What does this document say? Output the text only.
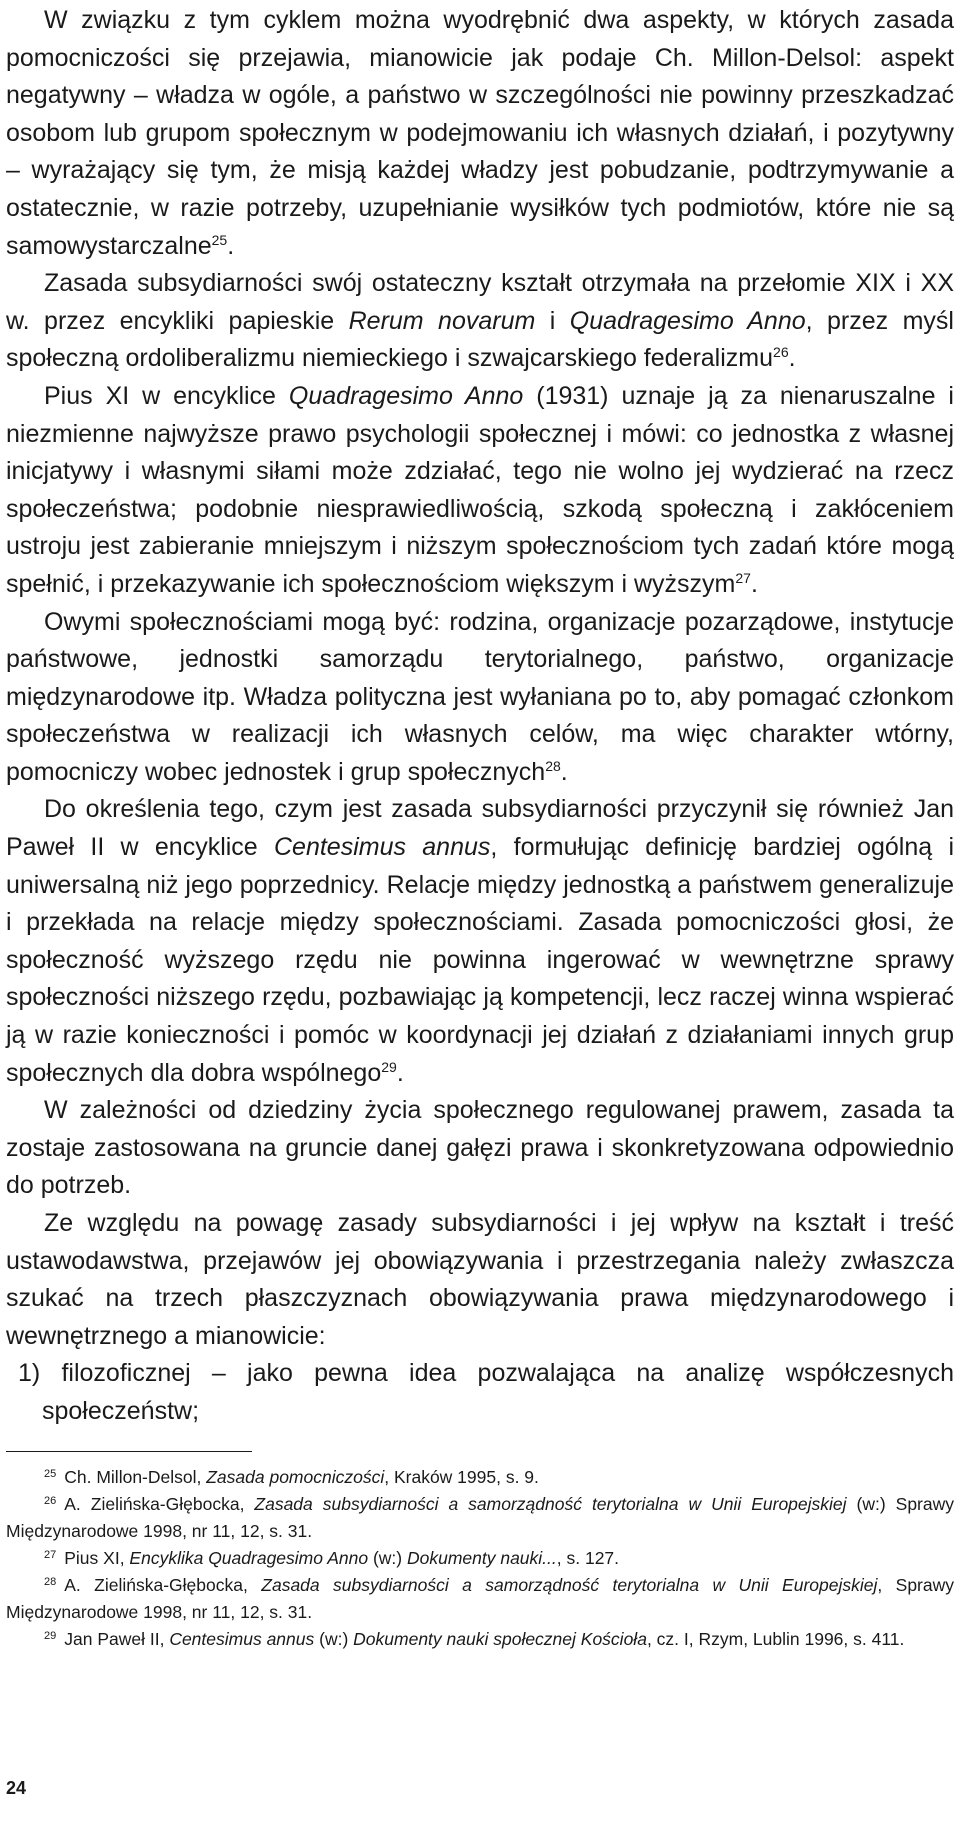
W związku z tym cyklem można wyodrębnić dwa aspekty, w których zasada pomocniczości się przejawia, mianowicie jak podaje Ch. Millon-Delsol: aspekt negatywny – władza w ogóle, a państwo w szczególności nie powinny przeszkadzać osobom lub grupom społecznym w podejmowaniu ich własnych działań, i pozytywny – wyrażający się tym, że misją każdej władzy jest pobudzanie, podtrzymywanie a ostatecznie, w razie potrzeby, uzupełnianie wysiłków tych podmiotów, które nie są samowystarczalne$^{25}$.

Zasada subsydiarności swój ostateczny kształt otrzymała na przełomie XIX i XX w. przez encykliki papieskie Rerum novarum i Quadragesimo Anno, przez myśl społeczną ordoliberalizmu niemieckiego i szwajcarskiego federalizmu$^{26}$.

Pius XI w encyklice Quadragesimo Anno (1931) uznaje ją za nienaruszalne i niezmienne najwyższe prawo psychologii społecznej i mówi: co jednostka z własnej inicjatywy i własnymi siłami może zdziałać, tego nie wolno jej wydzierać na rzecz społeczeństwa; podobnie niesprawiedliwością, szkodą społeczną i zakłóceniem ustroju jest zabieranie mniejszym i niższym społecznościom tych zadań które mogą spełnić, i przekazywanie ich społecznościom większym i wyższym$^{27}$.

Owymi społecznościami mogą być: rodzina, organizacje pozarządowe, instytucje państwowe, jednostki samorządu terytorialnego, państwo, organizacje międzynarodowe itp. Władza polityczna jest wyłaniana po to, aby pomagać członkom społeczeństwa w realizacji ich własnych celów, ma więc charakter wtórny, pomocniczy wobec jednostek i grup społecznych$^{28}$.

Do określenia tego, czym jest zasada subsydiarności przyczynił się również Jan Paweł II w encyklice Centesimus annus, formułując definicję bardziej ogólną i uniwersalną niż jego poprzednicy. Relacje między jednostką a państwem generalizuje i przekłada na relacje między społecznościami. Zasada pomocniczości głosi, że społeczność wyższego rzędu nie powinna ingerować w wewnętrzne sprawy społeczności niższego rzędu, pozbawiając ją kompetencji, lecz raczej winna wspierać ją w razie konieczności i pomóc w koordynacji jej działań z działaniami innych grup społecznych dla dobra wspólnego$^{29}$.

W zależności od dziedziny życia społecznego regulowanej prawem, zasada ta zostaje zastosowana na gruncie danej gałęzi prawa i skonkretyzowana odpowiednio do potrzeb.

Ze względu na powagę zasady subsydiarności i jej wpływ na kształt i treść ustawodawstwa, przejawów jej obowiązywania i przestrzegania należy zwłaszcza szukać na trzech płaszczyznach obowiązywania prawa międzynarodowego i wewnętrznego a mianowicie:

1) filozoficznej – jako pewna idea pozwalająca na analizę współczesnych społeczeństw;

$^{25}$ Ch. Millon-Delsol, Zasada pomocniczości, Kraków 1995, s. 9.

$^{26}$ A. Zielińska-Głębocka, Zasada subsydiarności a samorządność terytorialna w Unii Europejskiej (w:) Sprawy Międzynarodowe 1998, nr 11, 12, s. 31.

$^{27}$ Pius XI, Encyklika Quadragesimo Anno (w:) Dokumenty nauki..., s. 127.

$^{28}$ A. Zielińska-Głębocka, Zasada subsydiarności a samorządność terytorialna w Unii Europejskiej, Sprawy Międzynarodowe 1998, nr 11, 12, s. 31.

$^{29}$ Jan Paweł II, Centesimus annus (w:) Dokumenty nauki społecznej Kościoła, cz. I, Rzym, Lublin 1996, s. 411.

24
